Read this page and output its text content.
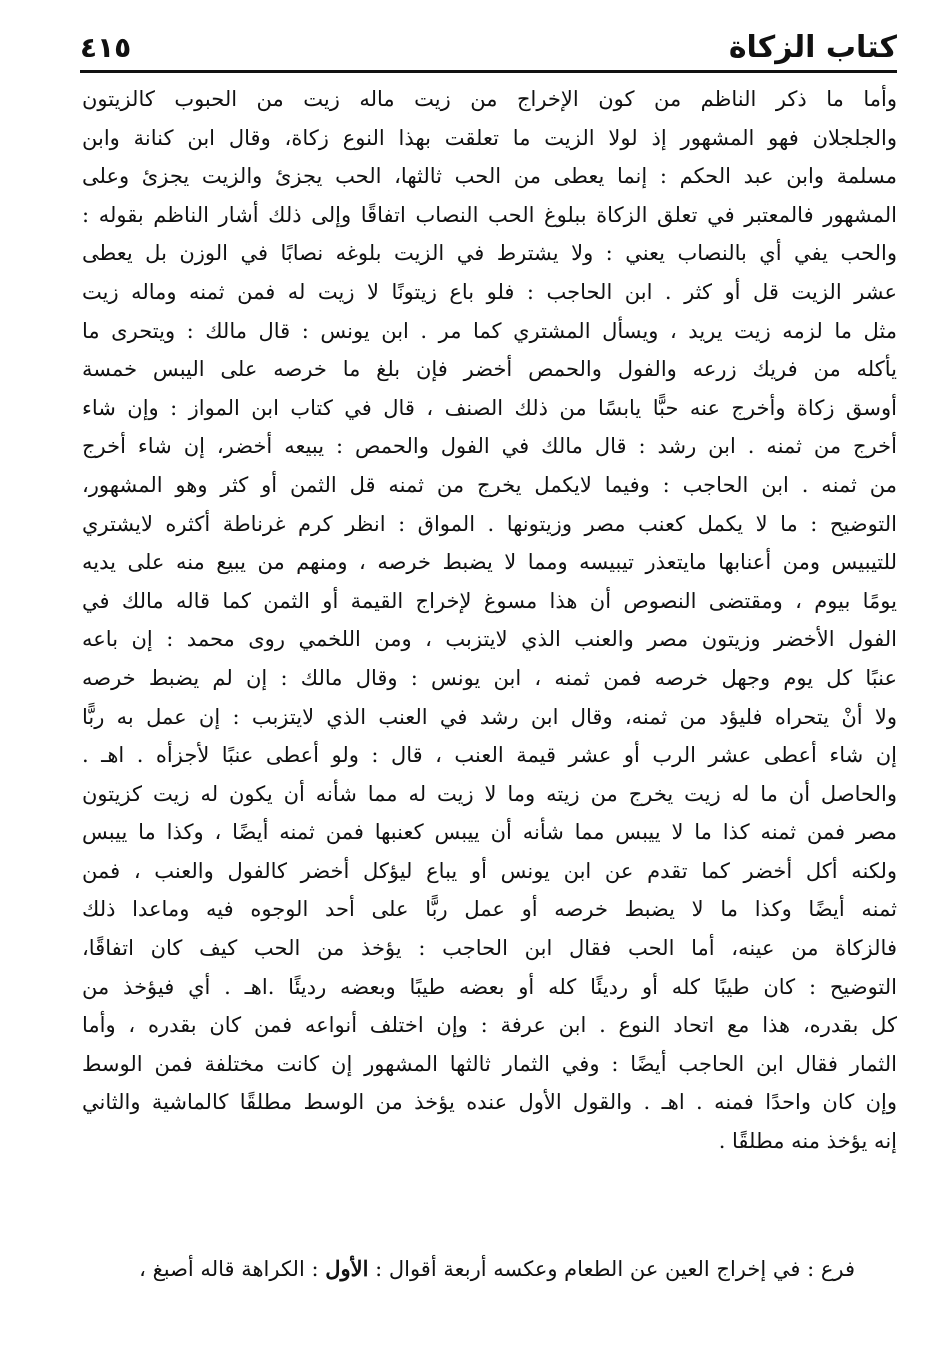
كتاب الزكاة
٤١٥
وأما ما ذكر الناظم من كون الإخراج من زيت ماله زيت من الحبوب كالزيتون
والجلجلان فهو المشهور إذ لولا الزيت ما تعلقت بهذا النوع زكاة، وقال ابن كنانة وابن
مسلمة وابن عبد الحكم : إنما يعطى من الحب ثالثها، الحب يجزئ والزيت يجزئ وعلى
المشهور فالمعتبر في تعلق الزكاة ببلوغ الحب النصاب اتفاقًا وإلى ذلك أشار الناظم بقوله :
والحب يفي أي بالنصاب يعني : ولا يشترط في الزيت بلوغه نصابًا في الوزن بل يعطى
عشر الزيت قل أو كثر . ابن الحاجب : فلو باع زيتونًا لا زيت له فمن ثمنه وماله زيت
مثل ما لزمه زيت يريد ، ويسأل المشتري كما مر . ابن يونس : قال مالك : ويتحرى ما
يأكله من فريك زرعه والفول والحمص أخضر فإن بلغ ما خرصه على اليبس خمسة
أوسق زكاة وأخرج عنه حبًّا يابسًا من ذلك الصنف ، قال في كتاب ابن المواز : وإن شاء
أخرج من ثمنه . ابن رشد : قال مالك في الفول والحمص : يبيعه أخضر، إن شاء أخرج
من ثمنه . ابن الحاجب : وفيما لايكمل يخرج من ثمنه قل الثمن أو كثر وهو المشهور،
التوضيح : ما لا يكمل كعنب مصر وزيتونها . المواق : انظر كرم غرناطة أكثره لايشتري
للتيبيس ومن أعنابها مايتعذر تيبيسه ومما لا يضبط خرصه ، ومنهم من يبيع منه على يديه
يومًا بيوم ، ومقتضى النصوص أن هذا مسوغ لإخراج القيمة أو الثمن كما قاله مالك في
الفول الأخضر وزيتون مصر والعنب الذي لايتزبب ، ومن اللخمي روى محمد : إن باعه
عنبًا كل يوم وجهل خرصه فمن ثمنه ، ابن يونس : وقال مالك : إن لم يضبط خرصه
ولا أنْ يتحراه فليؤد من ثمنه، وقال ابن رشد في العنب الذي لايتزبب : إن عمل به ربًّا
إن شاء أعطى عشر الرب أو عشر قيمة العنب ، قال : ولو أعطى عنبًا لأجزأه . اهـ .
والحاصل أن ما له زيت يخرج من زيته وما لا زيت له مما شأنه أن يكون له زيت كزيتون
مصر فمن ثمنه كذا ما لا ييبس مما شأنه أن ييبس كعنبها فمن ثمنه أيضًا ، وكذا ما ييبس
ولكنه أكل أخضر كما تقدم عن ابن يونس أو يباع ليؤكل أخضر كالفول والعنب ، فمن
ثمنه أيضًا وكذا ما لا يضبط خرصه أو عمل ربًّا على أحد الوجوه فيه وماعدا ذلك
فالزكاة من عينه، أما الحب فقال ابن الحاجب : يؤخذ من الحب كيف كان اتفاقًا،
التوضيح : كان طيبًا كله أو رديئًا كله أو بعضه طيبًا وبعضه رديئًا .اهـ . أي فيؤخذ من
كل بقدره، هذا مع اتحاد النوع . ابن عرفة : وإن اختلف أنواعه فمن كان بقدره ، وأما
الثمار فقال ابن الحاجب أيضًا : وفي الثمار ثالثها المشهور إن كانت مختلفة فمن الوسط
وإن كان واحدًا فمنه . اهـ . والقول الأول عنده يؤخذ من الوسط مطلقًا كالماشية والثاني
إنه يؤخذ منه مطلقًا .
فرع : في إخراج العين عن الطعام وعكسه أربعة أقوال : الأول : الكراهة قاله أصبغ ،
